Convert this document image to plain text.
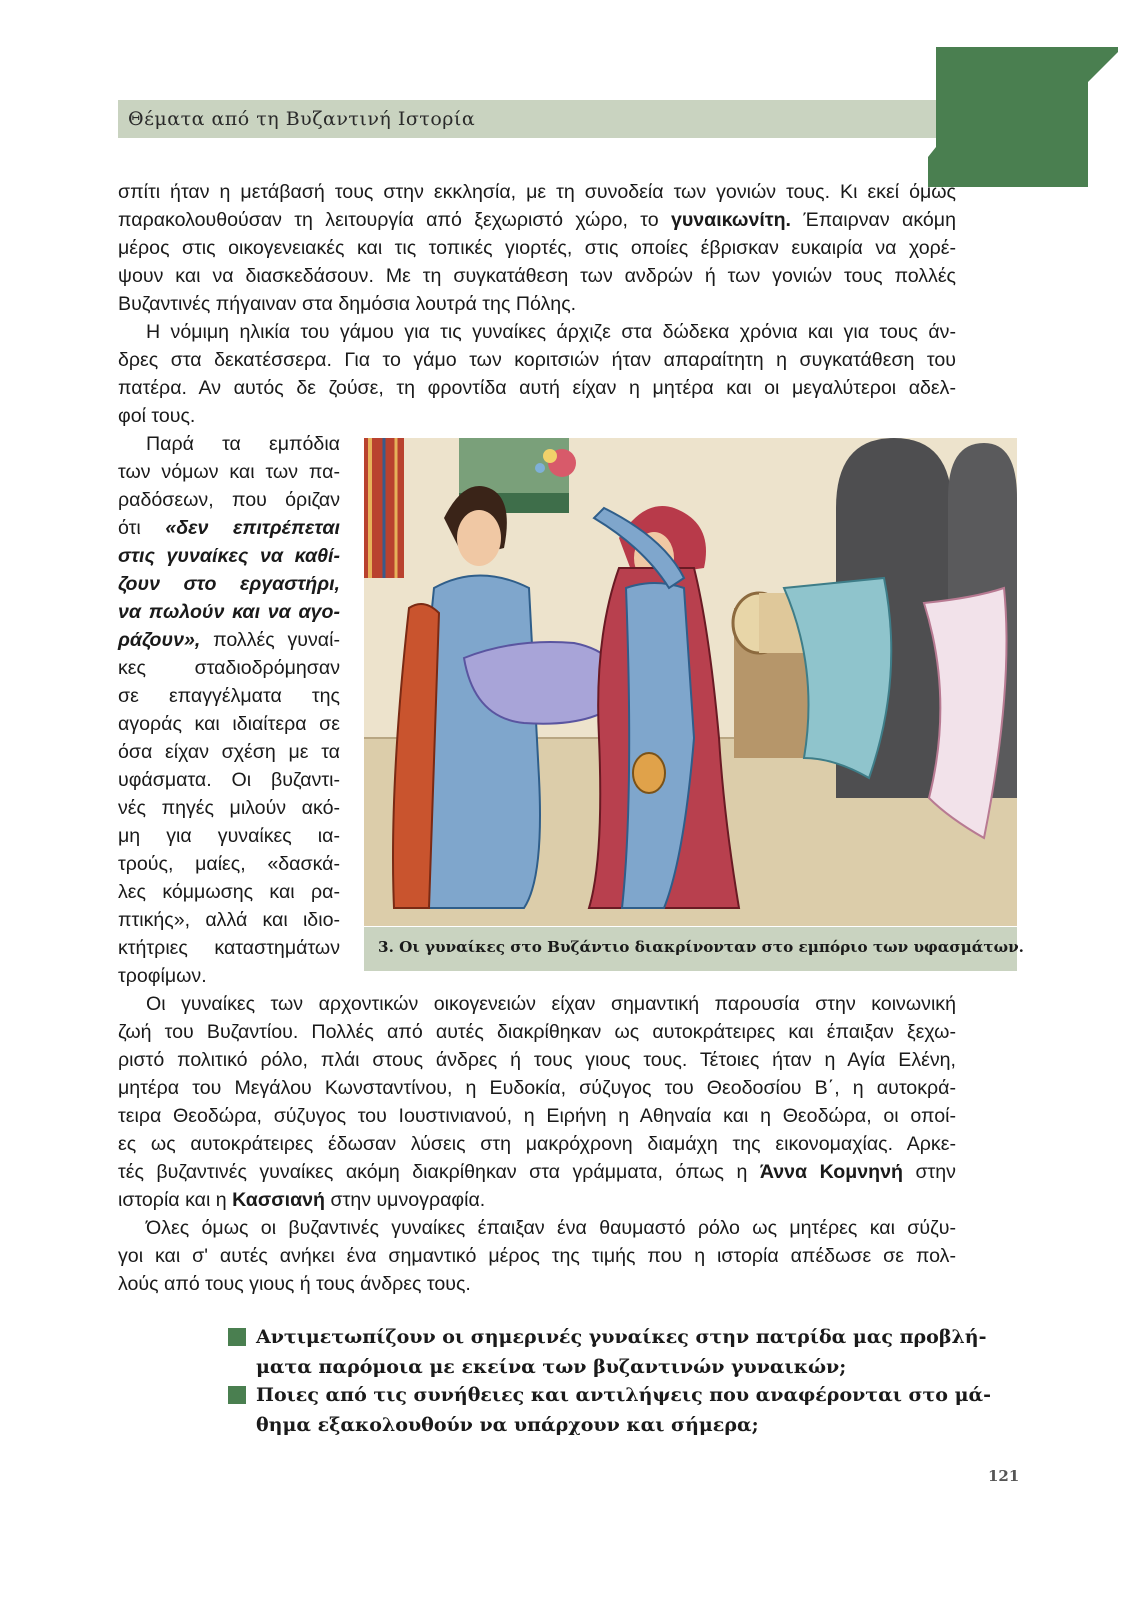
Θέματα από τη Βυζαντινή Ιστορία
σπίτι ήταν η μετάβασή τους στην εκκλησία, με τη συνοδεία των γονιών τους. Κι εκεί όμως
παρακολουθούσαν τη λειτουργία από ξεχωριστό χώρο, το γυναικωνίτη. Έπαιρναν ακόμη
μέρος στις οικογενειακές και τις τοπικές γιορτές, στις οποίες έβρισκαν ευκαιρία να χορέ-
ψουν και να διασκεδάσουν. Με τη συγκατάθεση των ανδρών ή των γονιών τους πολλές
Βυζαντινές πήγαιναν στα δημόσια λουτρά της Πόλης.
Η νόμιμη ηλικία του γάμου για τις γυναίκες άρχιζε στα δώδεκα χρόνια και για τους άν-
δρες στα δεκατέσσερα. Για το γάμο των κοριτσιών ήταν απαραίτητη η συγκατάθεση του
πατέρα. Αν αυτός δε ζούσε, τη φροντίδα αυτή είχαν η μητέρα και οι μεγαλύτεροι αδελ-
φοί τους.
Παρά τα εμπόδια
των νόμων και των πα-
ραδόσεων, που όριζαν
ότι «δεν επιτρέπεται
στις γυναίκες να καθί-
ζουν στο εργαστήρι,
να πωλούν και να αγο-
ράζουν», πολλές γυναί-
κες σταδιοδρόμησαν
σε επαγγέλματα της
αγοράς και ιδιαίτερα σε
όσα είχαν σχέση με τα
υφάσματα. Οι βυζαντι-
νές πηγές μιλούν ακό-
μη για γυναίκες ια-
τρούς, μαίες, «δασκά-
λες κόμμωσης και ρα-
πτικής», αλλά και ιδιο-
κτήτριες καταστημάτων
τροφίμων.
3. Οι γυναίκες στο Βυζάντιο διακρίνονταν στο εμπόριο των υφασμάτων.
Οι γυναίκες των αρχοντικών οικογενειών είχαν σημαντική παρουσία στην κοινωνική
ζωή του Βυζαντίου. Πολλές από αυτές διακρίθηκαν ως αυτοκράτειρες και έπαιξαν ξεχω-
ριστό πολιτικό ρόλο, πλάι στους άνδρες ή τους γιους τους. Τέτοιες ήταν η Αγία Ελένη,
μητέρα του Μεγάλου Κωνσταντίνου, η Ευδοκία, σύζυγος του Θεοδοσίου Β΄, η αυτοκρά-
τειρα Θεοδώρα, σύζυγος του Ιουστινιανού, η Ειρήνη η Αθηναία και η Θεοδώρα, οι οποί-
ες ως αυτοκράτειρες έδωσαν λύσεις στη μακρόχρονη διαμάχη της εικονομαχίας. Αρκε-
τές βυζαντινές γυναίκες ακόμη διακρίθηκαν στα γράμματα, όπως η Άννα Κομνηνή στην
ιστορία και η Κασσιανή στην υμνογραφία.
Όλες όμως οι βυζαντινές γυναίκες έπαιξαν ένα θαυμαστό ρόλο ως μητέρες και σύζυ-
γοι και σ' αυτές ανήκει ένα σημαντικό μέρος της τιμής που η ιστορία απέδωσε σε πολ-
λούς από τους γιους ή τους άνδρες τους.
Αντιμετωπίζουν οι σημερινές γυναίκες στην πατρίδα μας προβλή-
ματα παρόμοια με εκείνα των βυζαντινών γυναικών;
Ποιες από τις συνήθειες και αντιλήψεις που αναφέρονται στο μά-
θημα εξακολουθούν να υπάρχουν και σήμερα;
121
